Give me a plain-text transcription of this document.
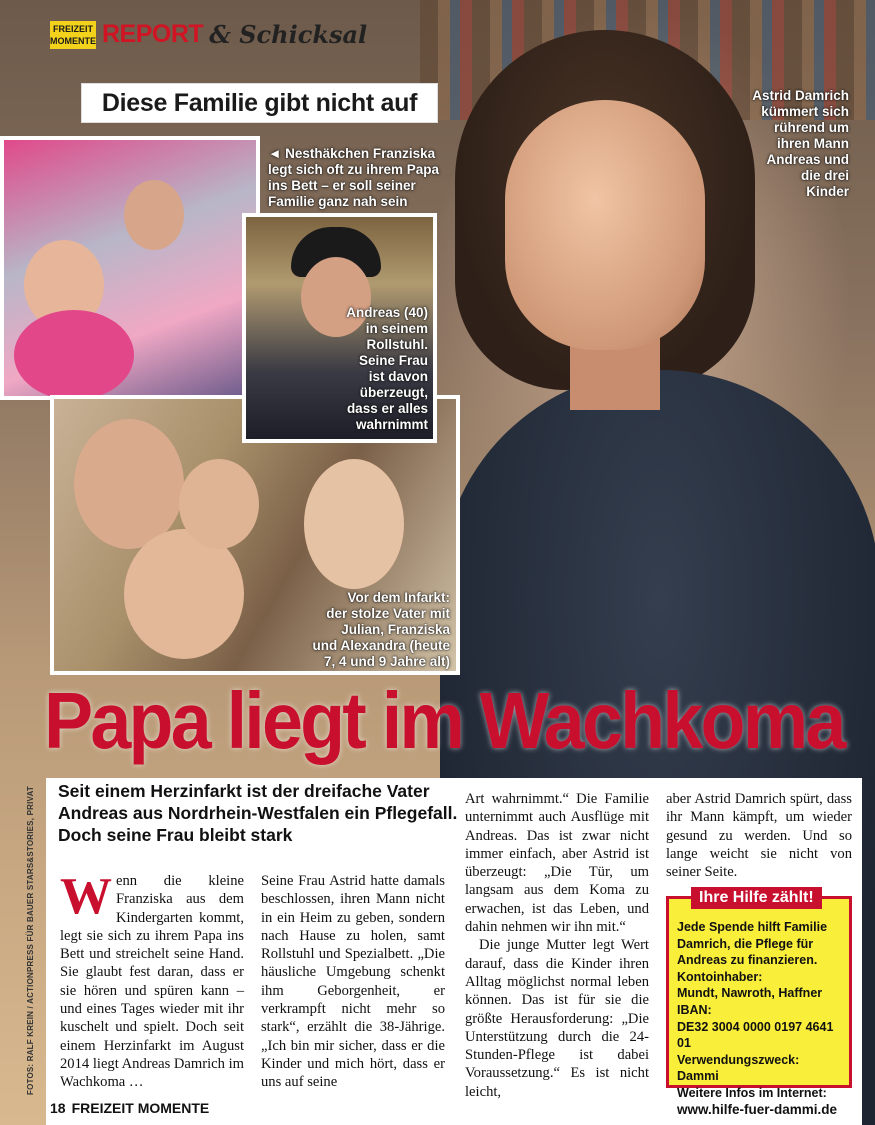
FREIZEIT
MOMENTE REPORT & Schicksal
Diese Familie gibt nicht auf	Astrid Damrich
kümmert sich
rührend um
ihren Mann
Andreas und
die drei
Kinder
◄ Nesthäkchen Franziska
legt sich oft zu ihrem Papa
ins Bett – er soll seiner
Familie ganz nah sein
Andreas (40)
in seinem
Rollstuhl.
Seine Frau
ist davon
überzeugt,
dass er alles
wahrnimmt
Vor dem Infarkt:
der stolze Vater mit
Julian, Franziska
und Alexandra (heute
7, 4 und 9 Jahre alt)
Papa liegt im Wachkoma
Seit einem Herzinfarkt ist der dreifache Vater Andreas aus Nordrhein-Westfalen ein Pflegefall. Doch seine Frau bleibt stark

Wenn die kleine Franziska aus dem Kindergarten kommt, legt sie sich zu ihrem Papa ins Bett und streichelt seine Hand. Sie glaubt fest daran, dass er sie hören und spüren kann – und eines Tages wieder mit ihr kuschelt und spielt. Doch seit einem Herzinfarkt im August 2014 liegt Andreas Damrich im Wachkoma …

Seine Frau Astrid hatte damals beschlossen, ihren Mann nicht in ein Heim zu geben, sondern nach Hause zu holen, samt Rollstuhl und Spezialbett. „Die häusliche Umgebung schenkt ihm Geborgenheit, er verkrampft nicht mehr so stark“, erzählt die 38-Jährige. „Ich bin mir sicher, dass er die Kinder und mich hört, dass er uns auf seine

Art wahrnimmt.“ Die Familie unternimmt auch Ausflüge mit Andreas. Das ist zwar nicht immer einfach, aber Astrid ist überzeugt: „Die Tür, um langsam aus dem Koma zu erwachen, ist das Leben, und dahin nehmen wir ihn mit.“

Die junge Mutter legt Wert darauf, dass die Kinder ihren Alltag möglichst normal leben können. Das ist für sie die größte Herausforderung: „Die Unterstützung durch die 24-Stunden-Pflege ist dabei Voraussetzung.“ Es ist nicht leicht,

aber Astrid Damrich spürt, dass ihr Mann kämpft, um wieder gesund zu werden. Und so lange weicht sie nicht von seiner Seite.

Ihre Hilfe zählt!
Jede Spende hilft Familie
Damrich, die Pflege für
Andreas zu finanzieren.
Kontoinhaber:
Mundt, Nawroth, Haffner
IBAN:
DE32 3004 0000 0197 4641 01
Verwendungszweck: Dammi
Weitere Infos im Internet:
www.hilfe-fuer-dammi.de
FOTOS: RALF KREIN / ACTIONPRESS FÜR BAUER STARS&STORIES, PRIVAT
18 FREIZEIT MOMENTE
